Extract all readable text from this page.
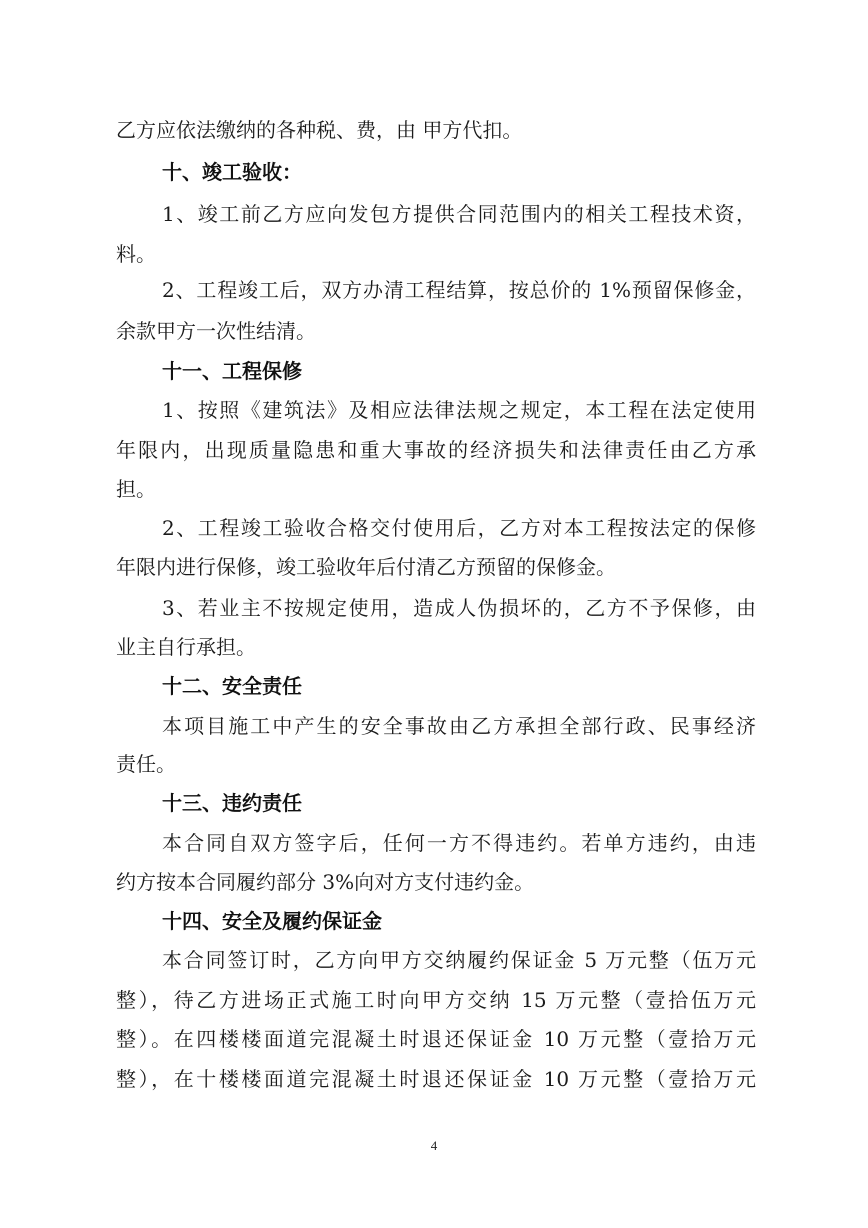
乙方应依法缴纳的各种税、费，由 甲方代扣。
十、竣工验收：
1、竣工前乙方应向发包方提供合同范围内的相关工程技术资，
料。
2、工程竣工后，双方办清工程结算，按总价的 1%预留保修金，
余款甲方一次性结清。
十一、工程保修
1、按照《建筑法》及相应法律法规之规定，本工程在法定使用
年限内，出现质量隐患和重大事故的经济损失和法律责任由乙方承
担。
2、工程竣工验收合格交付使用后，乙方对本工程按法定的保修
年限内进行保修，竣工验收年后付清乙方预留的保修金。
3、若业主不按规定使用，造成人伪损坏的，乙方不予保修，由
业主自行承担。
十二、安全责任
本项目施工中产生的安全事故由乙方承担全部行政、民事经济
责任。
十三、违约责任
本合同自双方签字后，任何一方不得违约。若单方违约，由违
约方按本合同履约部分 3%向对方支付违约金。
十四、安全及履约保证金
本合同签订时，乙方向甲方交纳履约保证金 5 万元整（伍万元
整），待乙方进场正式施工时向甲方交纳 15 万元整（壹拾伍万元
整）。在四楼楼面道完混凝土时退还保证金 10 万元整（壹拾万元
整），在十楼楼面道完混凝土时退还保证金 10 万元整（壹拾万元
4
